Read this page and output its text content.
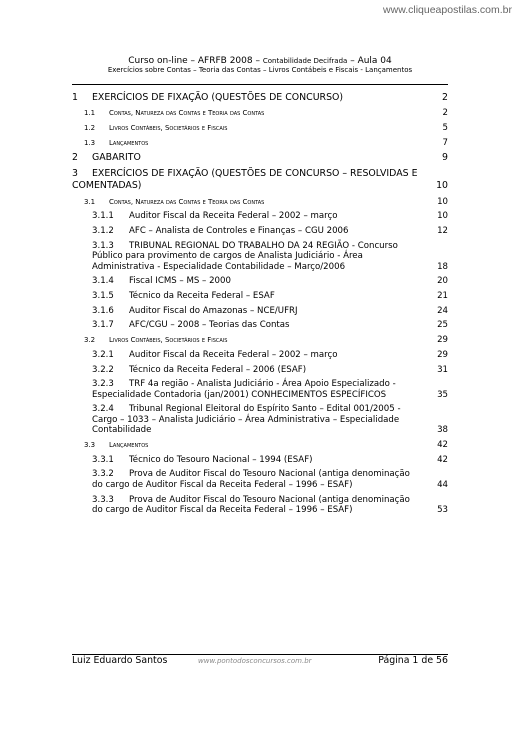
www.cliqueapostilas.com.br
Curso on-line – AFRFB 2008 – Contabilidade Decifrada – Aula 04
Exercícios sobre Contas – Teoria das Contas – Livros Contábeis e Fiscais - Lançamentos
1 EXERCÍCIOS DE FIXAÇÃO (QUESTÕES DE CONCURSO)	2
1.1 Contas, Natureza das Contas e Teoria das Contas	2
1.2 Livros Contábeis, Societários e Fiscais	5
1.3 Lançamentos	7
2 GABARITO	9
3 EXERCÍCIOS DE FIXAÇÃO (QUESTÕES DE CONCURSO – RESOLVIDAS E COMENTADAS)	10
3.1 Contas, Natureza das Contas e Teoria das Contas	10
3.1.1 Auditor Fiscal da Receita Federal – 2002 – março	10
3.1.2 AFC – Analista de Controles e Finanças – CGU 2006	12
3.1.3 TRIBUNAL REGIONAL DO TRABALHO DA 24 REGIÃO - Concurso Público para provimento de cargos de Analista Judiciário - Área Administrativa - Especialidade Contabilidade – Março/2006	18
3.1.4 Fiscal ICMS – MS – 2000	20
3.1.5 Técnico da Receita Federal – ESAF	21
3.1.6 Auditor Fiscal do Amazonas – NCE/UFRJ	24
3.1.7 AFC/CGU – 2008 – Teorias das Contas	25
3.2 Livros Contábeis, Societários e Fiscais	29
3.2.1 Auditor Fiscal da Receita Federal – 2002 – março	29
3.2.2 Técnico da Receita Federal – 2006 (ESAF)	31
3.2.3 TRF 4a região - Analista Judiciário - Área Apoio Especializado - Especialidade Contadoria (jan/2001) CONHECIMENTOS ESPECÍFICOS	35
3.2.4 Tribunal Regional Eleitoral do Espírito Santo – Edital 001/2005 - Cargo – 1033 – Analista Judiciário – Área Administrativa – Especialidade Contabilidade	38
3.3 Lançamentos	42
3.3.1 Técnico do Tesouro Nacional – 1994 (ESAF)	42
3.3.2 Prova de Auditor Fiscal do Tesouro Nacional (antiga denominação do cargo de Auditor Fiscal da Receita Federal – 1996 – ESAF)	44
3.3.3 Prova de Auditor Fiscal do Tesouro Nacional (antiga denominação do cargo de Auditor Fiscal da Receita Federal – 1996 – ESAF)	53
Luiz Eduardo Santos	www.pontodosconcursos.com.br	Página 1 de 56
